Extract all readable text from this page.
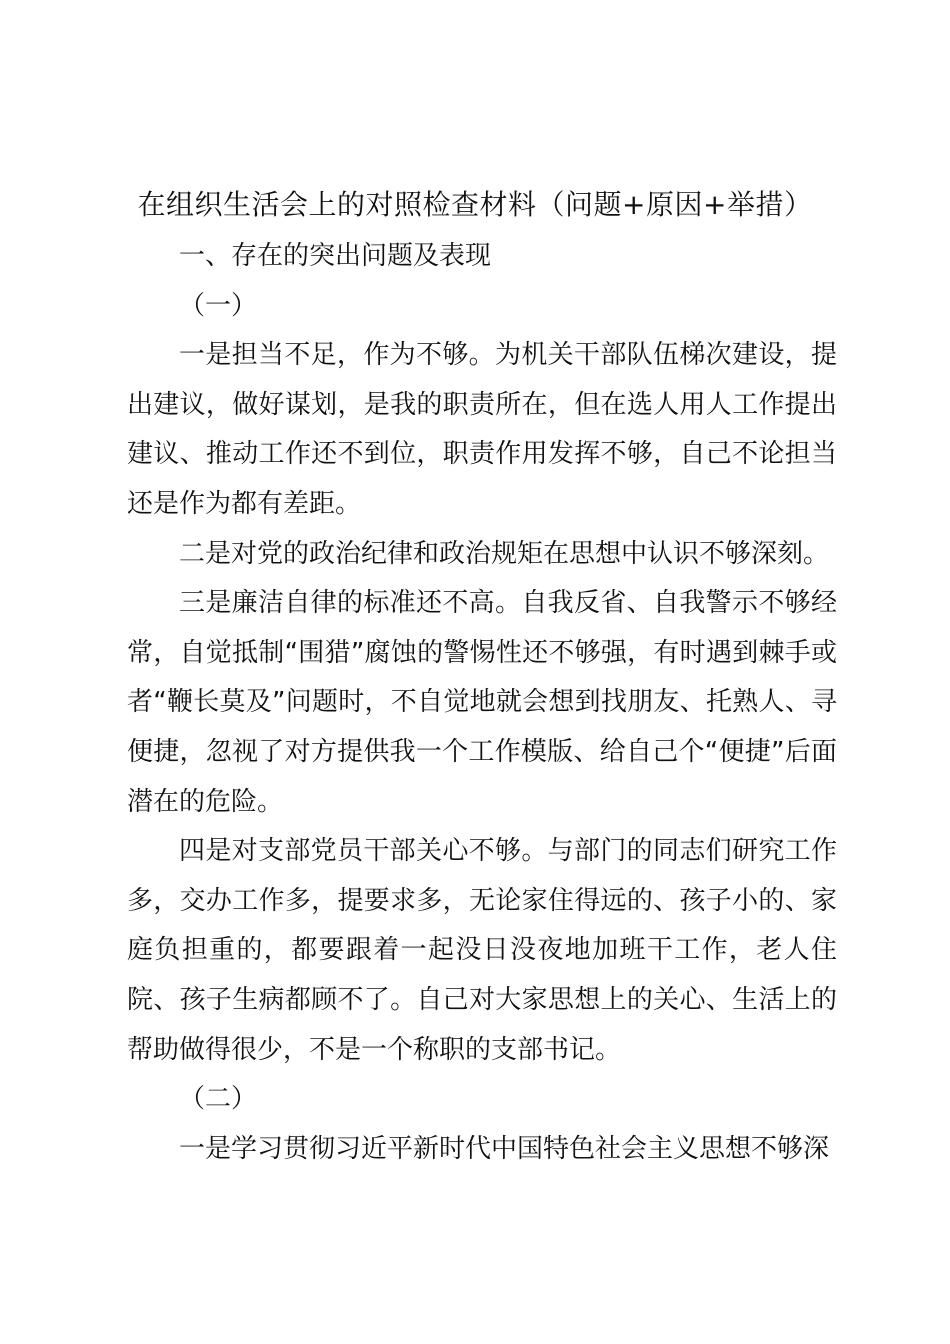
在组织生活会上的对照检查材料（问题+原因+举措）

一、存在的突出问题及表现

（一）

一是担当不足，作为不够。为机关干部队伍梯次建设，提出建议，做好谋划，是我的职责所在，但在选人用人工作提出建议、推动工作还不到位，职责作用发挥不够，自己不论担当还是作为都有差距。

二是对党的政治纪律和政治规矩在思想中认识不够深刻。

三是廉洁自律的标准还不高。自我反省、自我警示不够经常，自觉抵制“围猎”腐蚀的警惕性还不够强，有时遇到棘手或者“鞭长莫及”问题时，不自觉地就会想到找朋友、托熟人、寻便捷，忽视了对方提供我一个工作模版、给自己个“便捷”后面潜在的危险。

四是对支部党员干部关心不够。与部门的同志们研究工作多，交办工作多，提要求多，无论家住得远的、孩子小的、家庭负担重的，都要跟着一起没日没夜地加班干工作，老人住院、孩子生病都顾不了。自己对大家思想上的关心、生活上的帮助做得很少，不是一个称职的支部书记。

（二）

一是学习贯彻习近平新时代中国特色社会主义思想不够深
